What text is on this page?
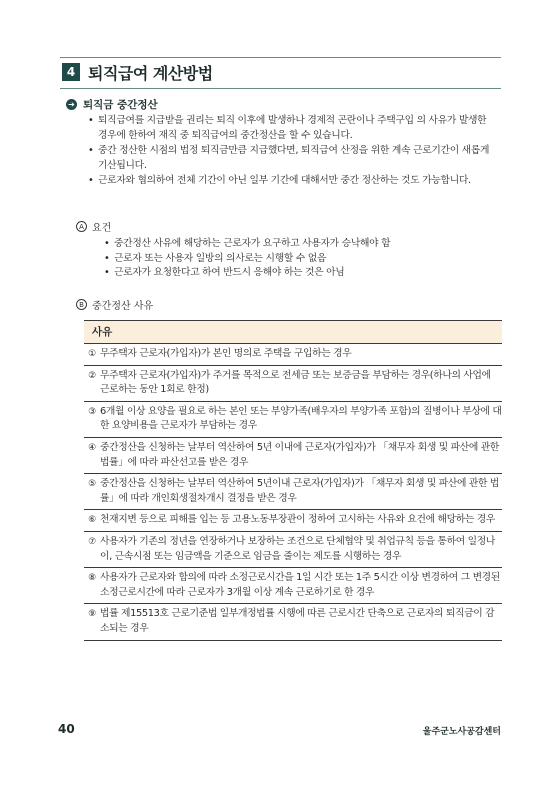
4 퇴직급여 계산방법
➔ 퇴직금 중간정산
• 퇴직급여를 지급받을 권리는 퇴직 이후에 발생하나 경제적 곤란이나 주택구입 의 사유가 발생한 경우에 한하여 재직 중 퇴직급여의 중간정산을 할 수 있습니다.
• 중간 정산한 시점의 법정 퇴직금만큼 지급했다면, 퇴직급여 산정을 위한 계속 근로기간이 새롭게 기산됩니다.
• 근로자와 협의하여 전체 기간이 아닌 일부 기간에 대해서만 중간 정산하는 것도 가능합니다.
A 요건
• 중간정산 사유에 해당하는 근로자가 요구하고 사용자가 승낙해야 함
• 근로자 또는 사용자 일방의 의사로는 시행할 수 없음
• 근로자가 요청한다고 하여 반드시 응해야 하는 것은 아님
B 중간정산 사유
사유
① 무주택자 근로자(가입자)가 본인 명의로 주택을 구입하는 경우
② 무주택자 근로자(가입자)가 주거를 목적으로 전세금 또는 보증금을 부담하는 경우(하나의 사업에 근로하는 동안 1회로 한정)
③ 6개월 이상 요양을 필요로 하는 본인 또는 부양가족(배우자의 부양가족 포함)의 질병이나 부상에 대한 요양비용을 근로자가 부담하는 경우
④ 중간정산을 신청하는 날부터 역산하여 5년 이내에 근로자(가입자)가 「채무자 회생 및 파산에 관한 법률」에 따라 파산선고를 받은 경우
⑤ 중간정산을 신청하는 날부터 역산하여 5년이내 근로자(가입자)가 「채무자 회생 및 파산에 관한 법률」에 따라 개인회생절차개시 결정을 받은 경우
⑥ 천재지변 등으로 피해를 입는 등 고용노동부장관이 정하여 고시하는 사유와 요건에 해당하는 경우
⑦ 사용자가 기존의 정년을 연장하거나 보장하는 조건으로 단체협약 및 취업규칙 등을 통하여 일정나이, 근속시점 또는 임금액을 기준으로 임금을 줄이는 제도를 시행하는 경우
⑧ 사용자가 근로자와 합의에 따라 소정근로시간을 1일 시간 또는 1주 5시간 이상 변경하여 그 변경된 소정근로시간에 따라 근로자가 3개월 이상 계속 근로하기로 한 경우
⑨ 법률 제15513호 근로기준법 일부개정법률 시행에 따른 근로시간 단축으로 근로자의 퇴직금이 감소되는 경우
40	울주군노사공감센터
